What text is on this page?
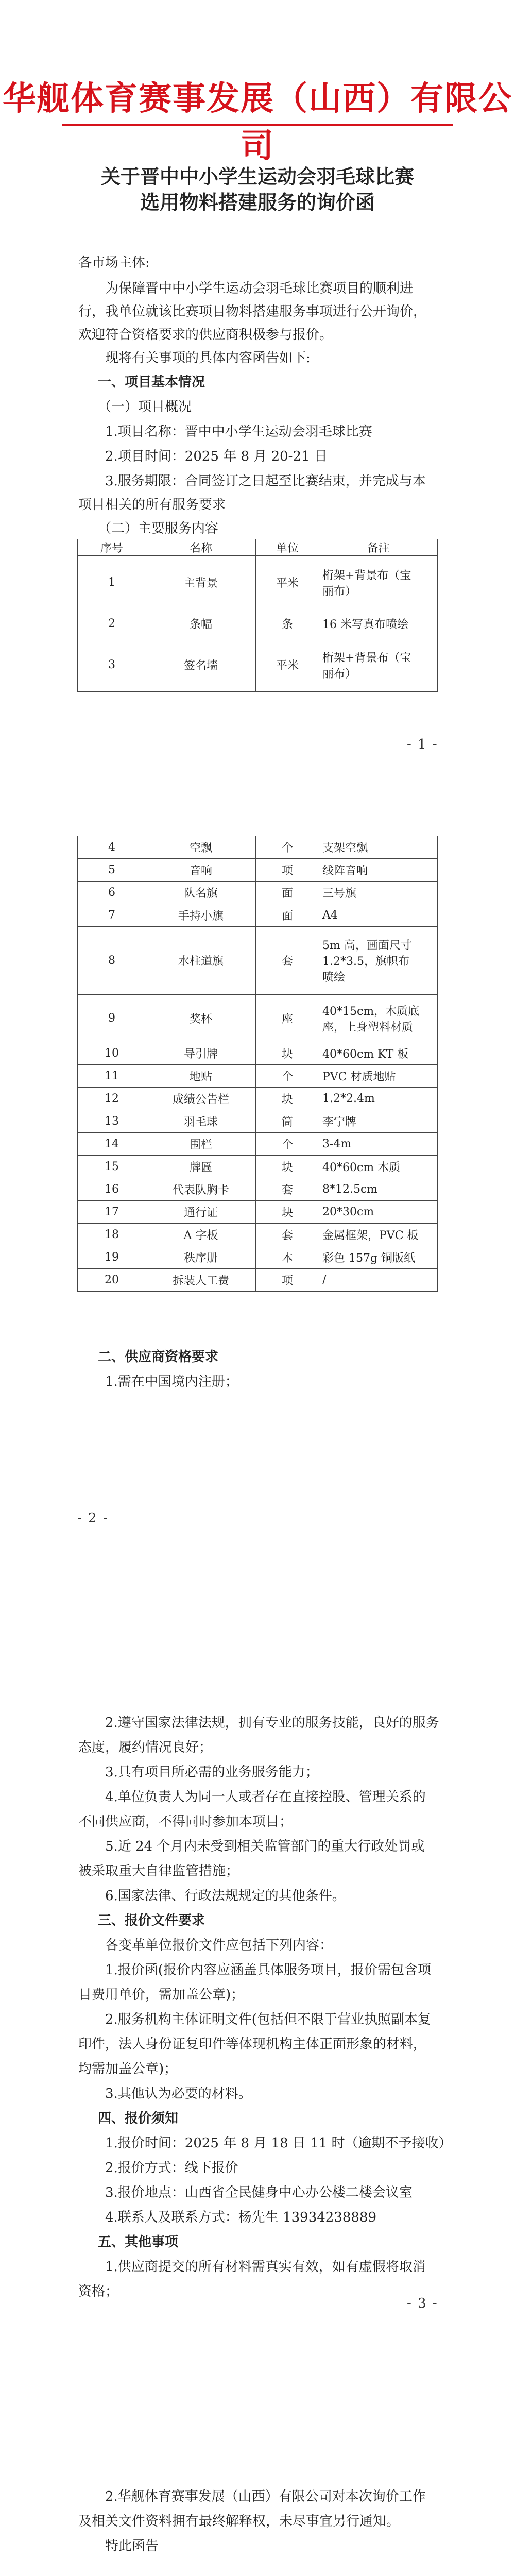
华舰体育赛事发展（山西）有限公司
关于晋中中小学生运动会羽毛球比赛
选用物料搭建服务的询价函
各市场主体:
为保障晋中中小学生运动会羽毛球比赛项目的顺利进
行，我单位就该比赛项目物料搭建服务事项进行公开询价，
欢迎符合资格要求的供应商积极参与报价。
现将有关事项的具体内容函告如下:
一、项目基本情况
（一）项目概况
1.项目名称：晋中中小学生运动会羽毛球比赛
2.项目时间：2025 年 8 月 20-21 日
3.服务期限：合同签订之日起至比赛结束，并完成与本
项目相关的所有服务要求
（二）主要服务内容
序号	名称	单位	备注
1	主背景	平米	桁架+背景布（宝
丽布）

2	条幅	条	16 米写真布喷绘
3	签名墙	平米	桁架+背景布（宝
丽布）
- 1 -
4	空飘	个	支架空飘

5	音响	项	线阵音响

6	队名旗	面	三号旗

7	手持小旗	面	A4

8	水柱道旗	套	5m 高，画面尺寸
1.2*3.5，旗帜布
喷绘

9	奖杯	座	40*15cm，木质底
座，上身塑料材质

10	导引牌	块	40*60cm KT 板

11	地贴	个	PVC 材质地贴

12	成绩公告栏	块	1.2*2.4m

13	羽毛球	筒	李宁牌

14	围栏	个	3-4m

15	牌匾	块	40*60cm 木质

16	代表队胸卡	套	8*12.5cm

17	通行证	块	20*30cm

18	A 字板	套	金属框架，PVC 板

19	秩序册	本	彩色 157g 铜版纸

20	拆装人工费	项	/
二、供应商资格要求
1.需在中国境内注册；
- 2 -
2.遵守国家法律法规，拥有专业的服务技能，良好的服务
态度，履约情况良好；
3.具有项目所必需的业务服务能力；
4.单位负责人为同一人或者存在直接控股、管理关系的
不同供应商，不得同时参加本项目；
5.近 24 个月内未受到相关监管部门的重大行政处罚或
被采取重大自律监管措施；
6.国家法律、行政法规规定的其他条件。
三、报价文件要求
各变革单位报价文件应包括下列内容：
1.报价函(报价内容应涵盖具体服务项目，报价需包含项
目费用单价，需加盖公章)；
2.服务机构主体证明文件(包括但不限于营业执照副本复
印件，法人身份证复印件等体现机构主体正面形象的材料，
均需加盖公章)；
3.其他认为必要的材料。
四、报价须知
1.报价时间：2025 年 8 月 18 日 11 时（逾期不予接收）
2.报价方式：线下报价
3.报价地点：山西省全民健身中心办公楼二楼会议室
4.联系人及联系方式：杨先生 13934238889
五、其他事项
1.供应商提交的所有材料需真实有效，如有虚假将取消
资格；
- 3 -
2.华舰体育赛事发展（山西）有限公司对本次询价工作
及相关文件资料拥有最终解释权，未尽事宜另行通知。
特此函告
